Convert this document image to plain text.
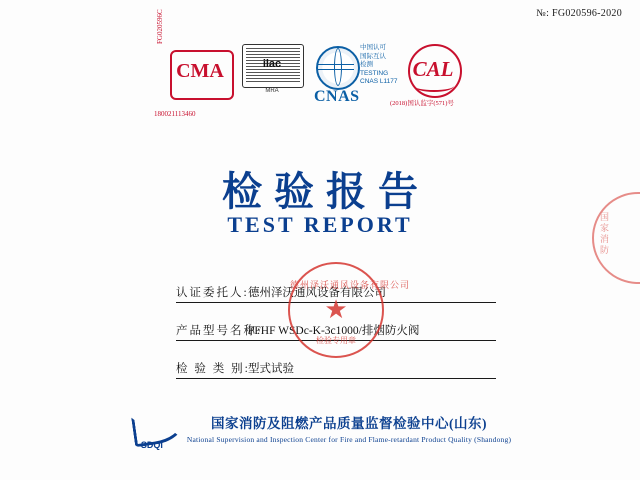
№: FG020596-2020
CMA
FG020596C
180021113460
ilac
MRA	CNAS
中国认可
国际互认
检测
TESTING
CNAS L1177
CAL
(2018)国认监字(571)号
检验报告
TEST REPORT
认证委托人: 德州泽沃通风设备有限公司
产品型号名称:
PFHF WSDc-K-3c1000/排烟防火阀
检 验 类 别:
型式试验
德州泽沃通风设备有限公司
★
检验专用章
国家消防
SDQI
国家消防及阻燃产品质量监督检验中心(山东)
National Supervision and Inspection Center for Fire and Flame-retardant Product Quality (Shandong)
